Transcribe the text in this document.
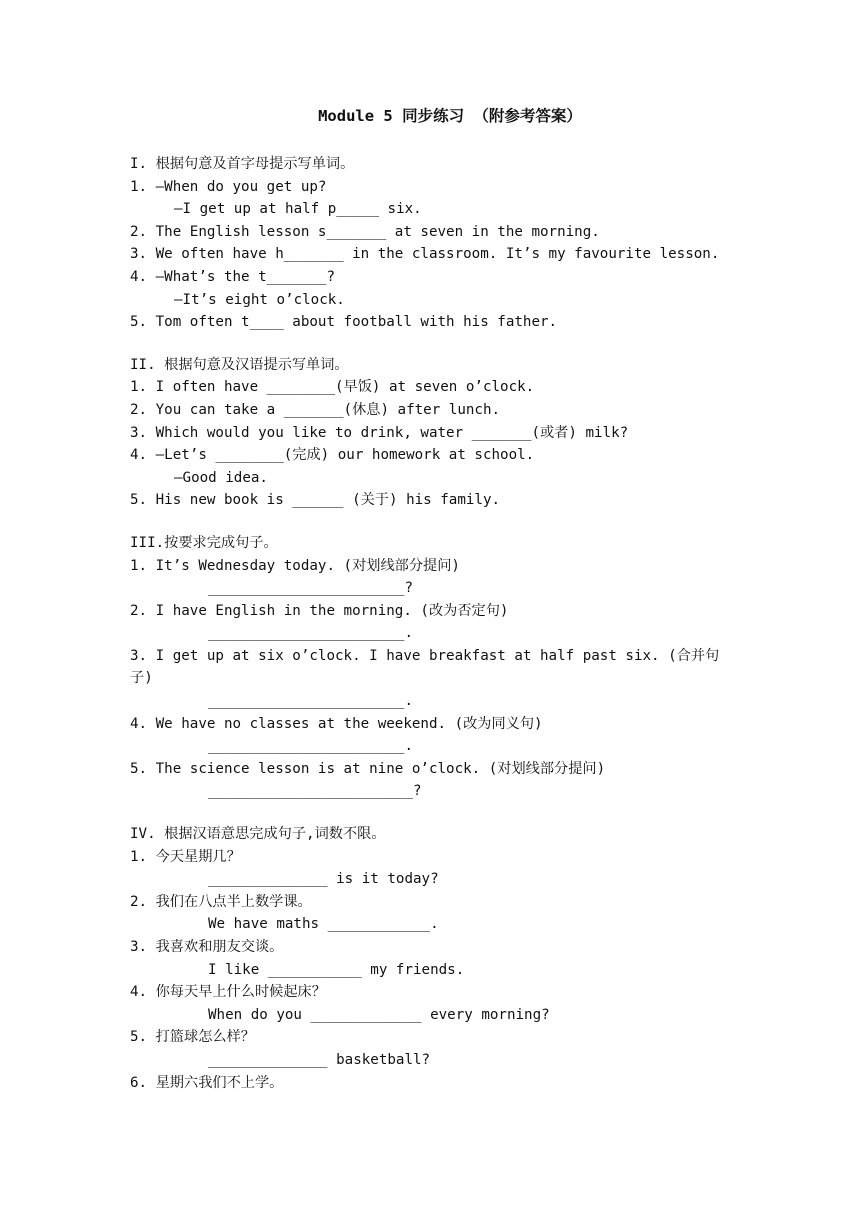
Module 5 同步练习 （附参考答案）
I. 根据句意及首字母提示写单词。
1. —When do you get up?
—I get up at half p_____ six.
2. The English lesson s_______ at seven in the morning.
3. We often have h_______ in the classroom. It’s my favourite lesson.
4. —What’s the t_______?
—It’s eight o’clock.
5. Tom often t____ about football with his father.
II. 根据句意及汉语提示写单词。
1. I often have ________(早饭) at seven o’clock.
2. You can take a _______(休息) after lunch.
3. Which would you like to drink, water _______(或者) milk?
4. —Let’s ________(完成) our homework at school.
—Good idea.
5. His new book is ______ (关于) his family.
III.按要求完成句子。
1. It’s Wednesday today. (对划线部分提问)
_______________________?
2. I have English in the morning. (改为否定句)
_______________________.
3. I get up at six o’clock. I have breakfast at half past six. (合并句子)
_______________________.
4. We have no classes at the weekend. (改为同义句)
_______________________.
5. The science lesson is at nine o’clock. (对划线部分提问)
________________________?
IV. 根据汉语意思完成句子,词数不限。
1. 今天星期几？
______________ is it today?
2. 我们在八点半上数学课。
We have maths ____________.
3. 我喜欢和朋友交谈。
I like ___________ my friends.
4. 你每天早上什么时候起床？
When do you _____________ every morning?
5. 打篮球怎么样？
______________ basketball?
6. 星期六我们不上学。
